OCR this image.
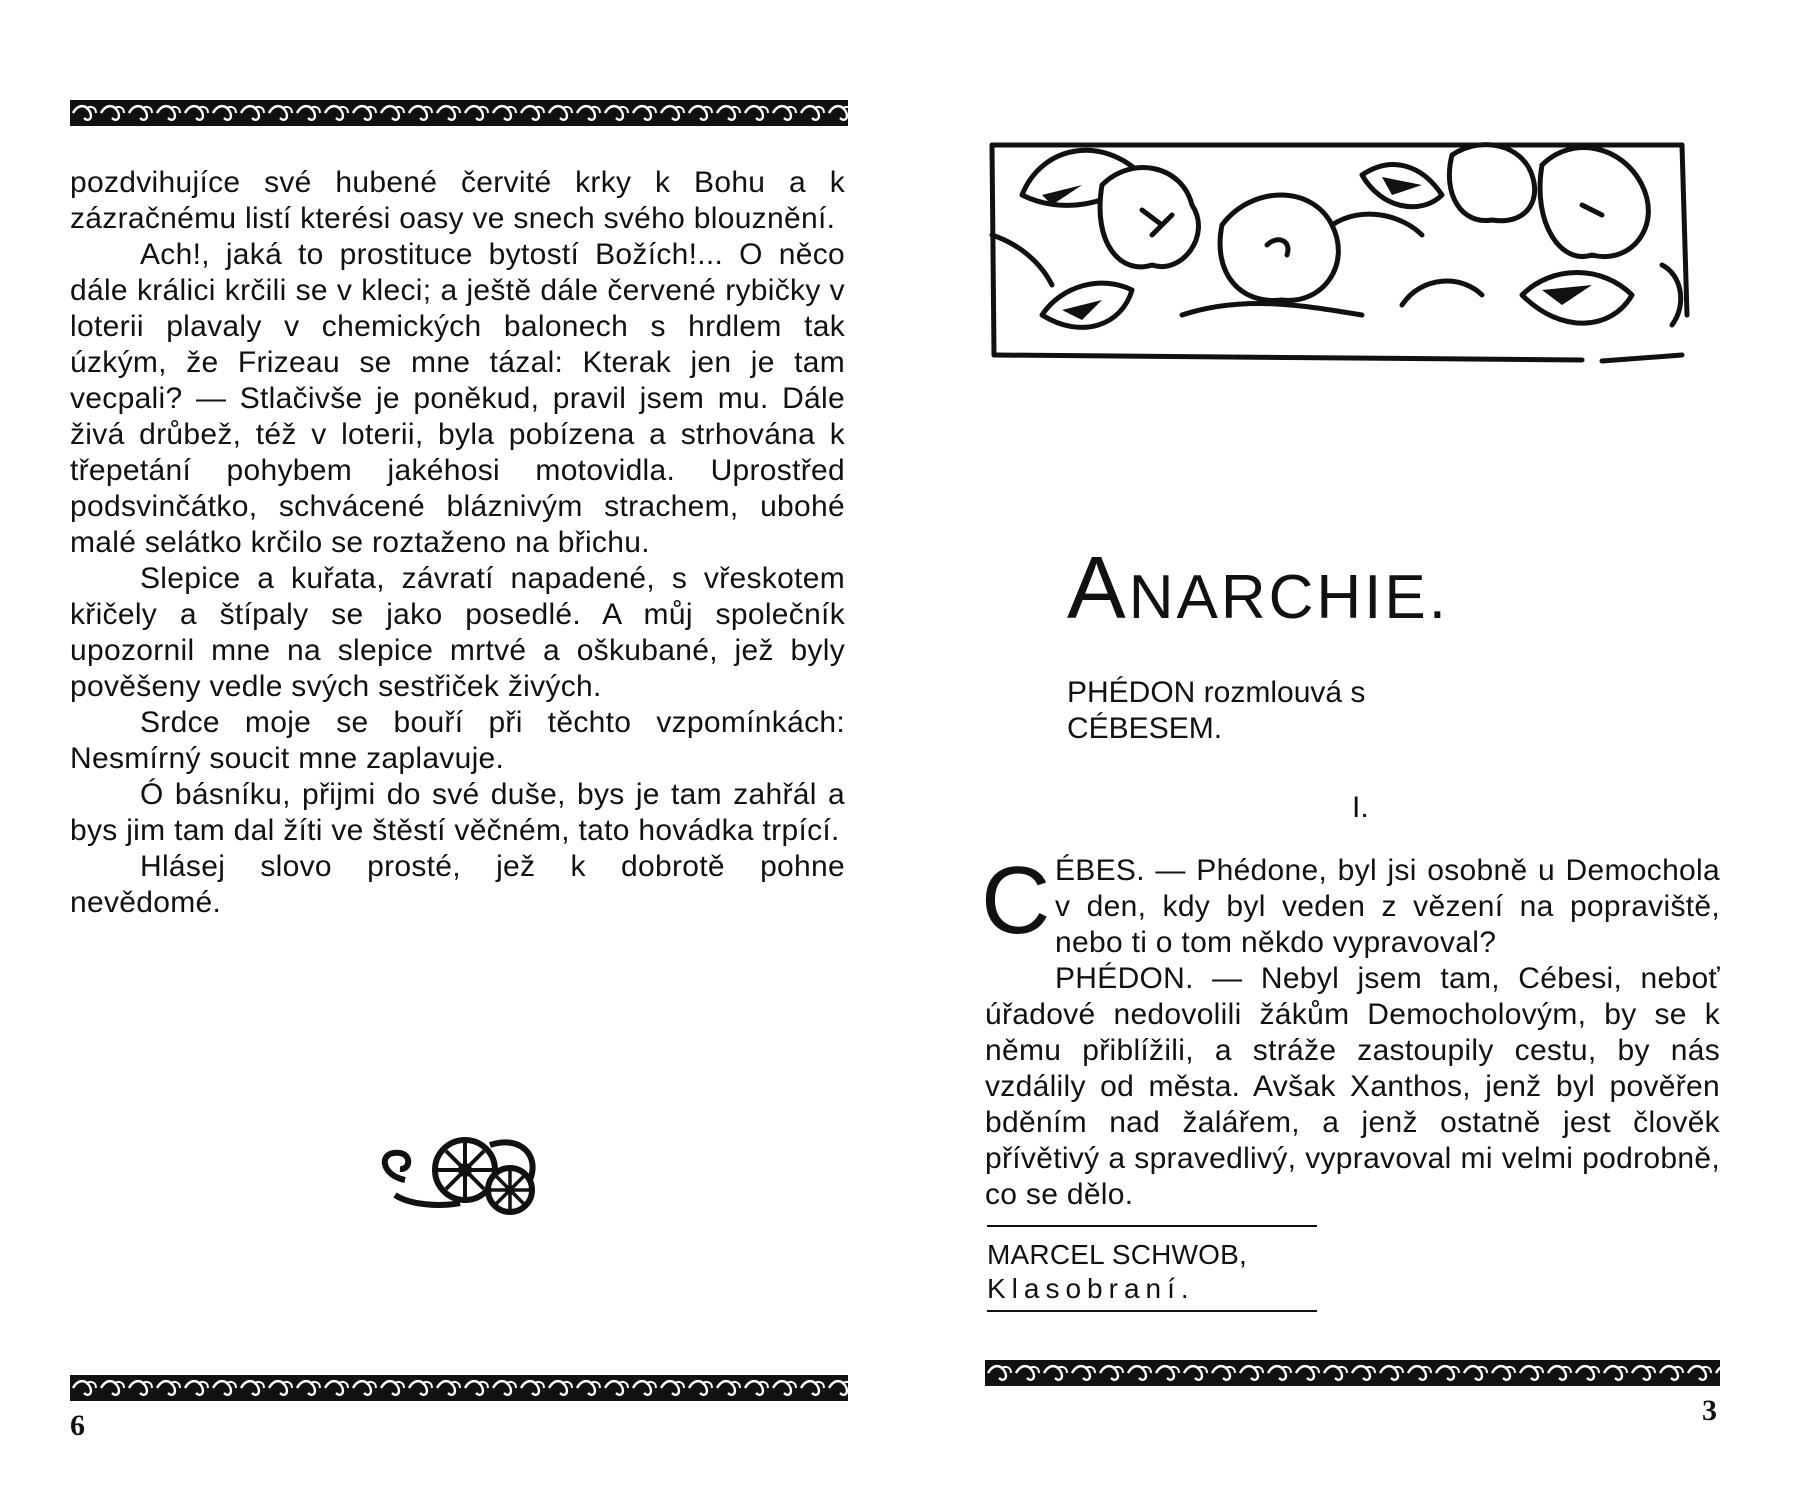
pozdvihujíce své hubené červité krky k Bohu a k zázračnému listí kterési oasy ve snech svého blouznění.

Ach!, jaká to prostituce bytostí Božích!... O něco dále králici krčili se v kleci; a ještě dále červené rybičky v loterii plavaly v chemických balonech s hrdlem tak úzkým, že Frizeau se mne tázal: Kterak jen je tam vecpali? — Stlačivše je poněkud, pravil jsem mu. Dále živá drůbež, též v loterii, byla pobízena a strhována k třepetání pohybem jakéhosi motovidla. Uprostřed podsvinčátko, schvácené bláznivým strachem, ubohé malé selátko krčilo se roztaženo na břichu.

Slepice a kuřata, závratí napadené, s vřeskotem křičely a štípaly se jako posedlé. A můj společník upozornil mne na slepice mrtvé a oškubané, jež byly pověšeny vedle svých sestřiček živých.

Srdce moje se bouří při těchto vzpomínkách: Nesmírný soucit mne zaplavuje.

Ó básníku, přijmi do své duše, bys je tam zahřál a bys jim tam dal žíti ve štěstí věčném, tato hovádka trpící.

Hlásej slovo prosté, jež k dobrotě pohne nevědomé.

6
ANARCHIE.
PHÉDON rozmlouvá s
CÉBESEM.
I.

C ÉBES. — Phédone, byl jsi osobně u Demochola v den, kdy byl veden z vězení na popraviště, nebo ti o tom někdo vypravoval?

PHÉDON. — Nebyl jsem tam, Cébesi, neboť úřadové nedovolili žákům Democholovým, by se k němu přiblížili, a stráže zastoupily cestu, by nás vzdálily od města. Avšak Xanthos, jenž byl pověřen bděním nad žalářem, a jenž ostatně jest člověk přívětivý a spravedlivý, vypravoval mi velmi podrobně, co se dělo.

MARCEL SCHWOB,
Klasobraní.
3
